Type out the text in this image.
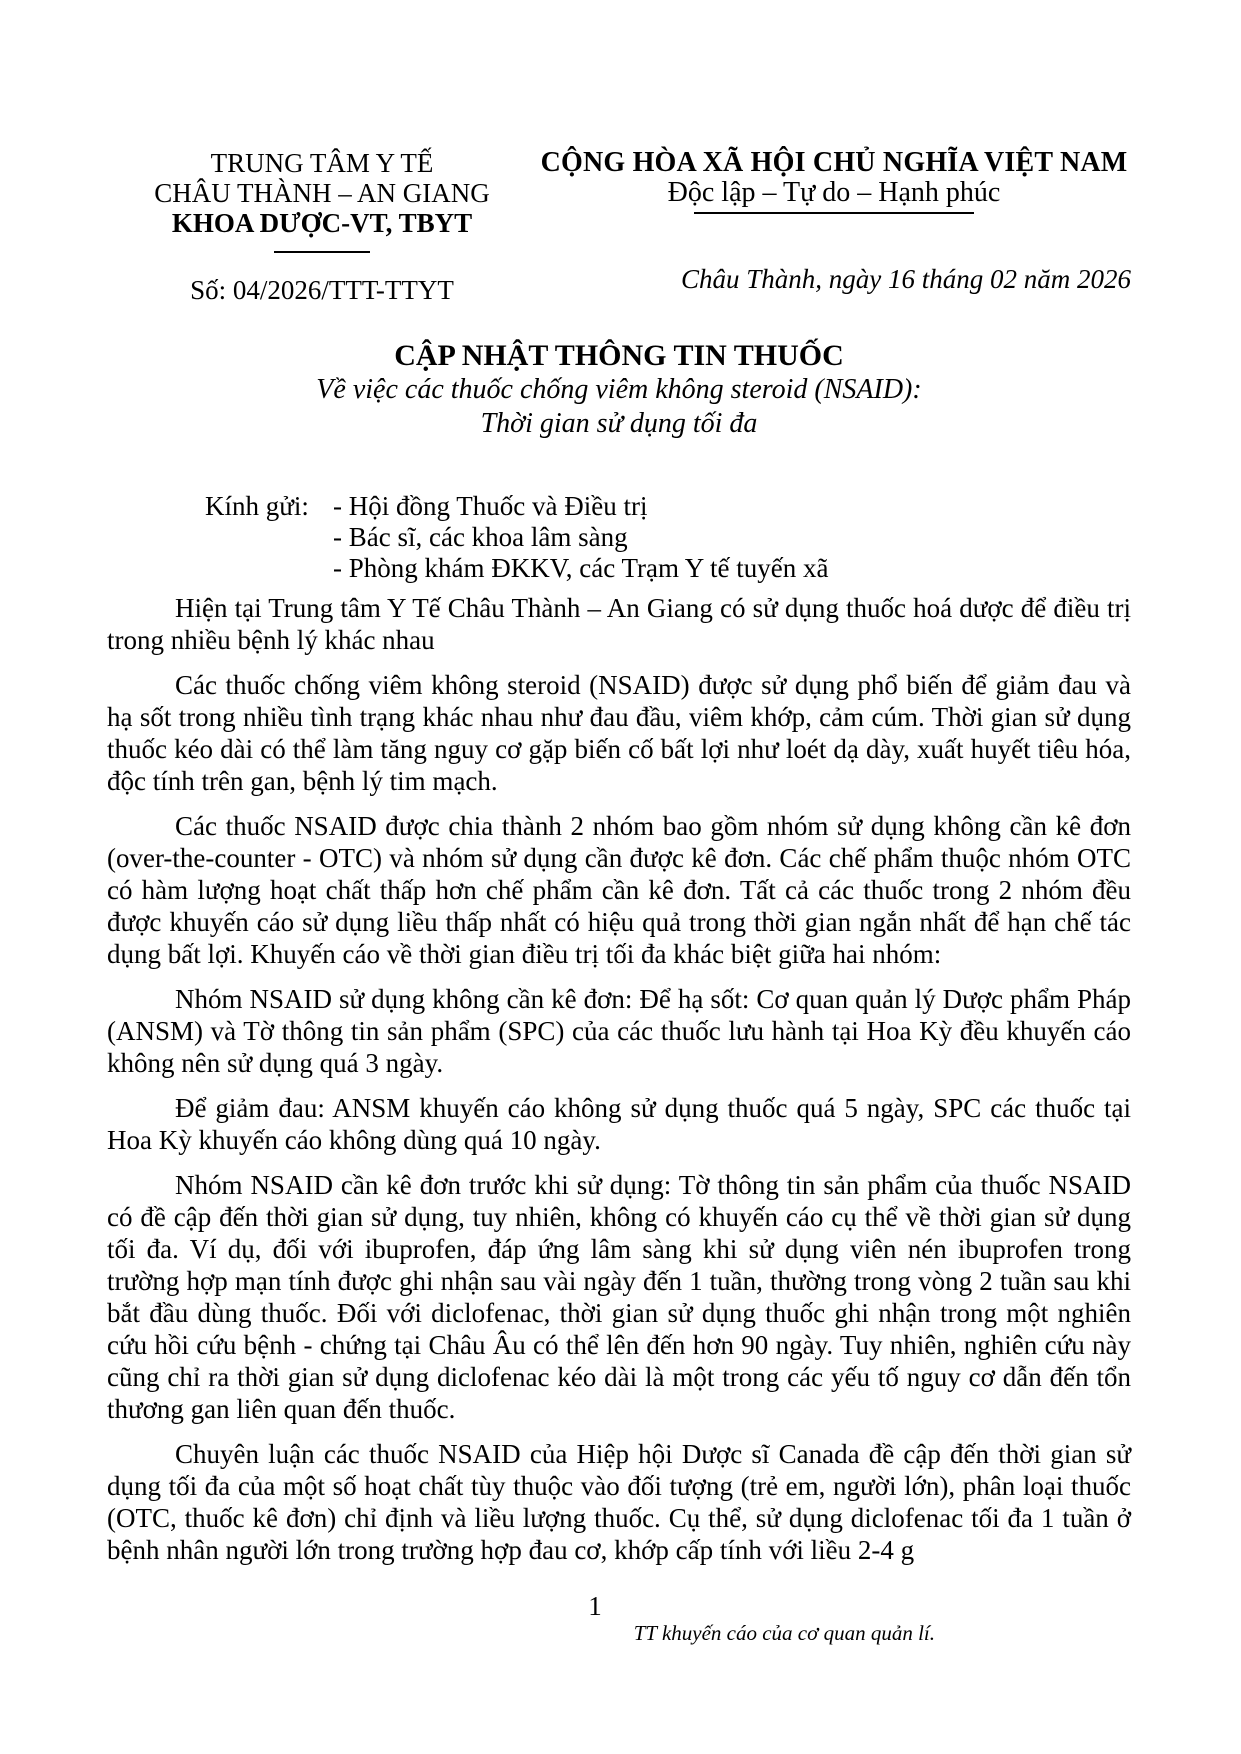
TRUNG TÂM Y TẾ
CHÂU THÀNH – AN GIANG
KHOA DƯỢC-VT, TBYT
Số: 04/2026/TTT-TTYT
CỘNG HÒA XÃ HỘI CHỦ NGHĨA VIỆT NAM
Độc lập – Tự do – Hạnh phúc
Châu Thành, ngày 16 tháng 02 năm 2026
CẬP NHẬT THÔNG TIN THUỐC
Về việc các thuốc chống viêm không steroid (NSAID):
Thời gian sử dụng tối đa
Kính gửi: - Hội đồng Thuốc và Điều trị
- Bác sĩ, các khoa lâm sàng
- Phòng khám ĐKKV, các Trạm Y tế tuyến xã

Hiện tại Trung tâm Y Tế Châu Thành – An Giang có sử dụng thuốc hoá dược để điều trị trong nhiều bệnh lý khác nhau

Các thuốc chống viêm không steroid (NSAID) được sử dụng phổ biến để giảm đau và hạ sốt trong nhiều tình trạng khác nhau như đau đầu, viêm khớp, cảm cúm. Thời gian sử dụng thuốc kéo dài có thể làm tăng nguy cơ gặp biến cố bất lợi như loét dạ dày, xuất huyết tiêu hóa, độc tính trên gan, bệnh lý tim mạch.

Các thuốc NSAID được chia thành 2 nhóm bao gồm nhóm sử dụng không cần kê đơn (over-the-counter - OTC) và nhóm sử dụng cần được kê đơn. Các chế phẩm thuộc nhóm OTC có hàm lượng hoạt chất thấp hơn chế phẩm cần kê đơn. Tất cả các thuốc trong 2 nhóm đều được khuyến cáo sử dụng liều thấp nhất có hiệu quả trong thời gian ngắn nhất để hạn chế tác dụng bất lợi. Khuyến cáo về thời gian điều trị tối đa khác biệt giữa hai nhóm:

Nhóm NSAID sử dụng không cần kê đơn: Để hạ sốt: Cơ quan quản lý Dược phẩm Pháp (ANSM) và Tờ thông tin sản phẩm (SPC) của các thuốc lưu hành tại Hoa Kỳ đều khuyến cáo không nên sử dụng quá 3 ngày.

Để giảm đau: ANSM khuyến cáo không sử dụng thuốc quá 5 ngày, SPC các thuốc tại Hoa Kỳ khuyến cáo không dùng quá 10 ngày.

Nhóm NSAID cần kê đơn trước khi sử dụng: Tờ thông tin sản phẩm của thuốc NSAID có đề cập đến thời gian sử dụng, tuy nhiên, không có khuyến cáo cụ thể về thời gian sử dụng tối đa. Ví dụ, đối với ibuprofen, đáp ứng lâm sàng khi sử dụng viên nén ibuprofen trong trường hợp mạn tính được ghi nhận sau vài ngày đến 1 tuần, thường trong vòng 2 tuần sau khi bắt đầu dùng thuốc. Đối với diclofenac, thời gian sử dụng thuốc ghi nhận trong một nghiên cứu hồi cứu bệnh - chứng tại Châu Âu có thể lên đến hơn 90 ngày. Tuy nhiên, nghiên cứu này cũng chỉ ra thời gian sử dụng diclofenac kéo dài là một trong các yếu tố nguy cơ dẫn đến tổn thương gan liên quan đến thuốc.

Chuyên luận các thuốc NSAID của Hiệp hội Dược sĩ Canada đề cập đến thời gian sử dụng tối đa của một số hoạt chất tùy thuộc vào đối tượng (trẻ em, người lớn), phân loại thuốc (OTC, thuốc kê đơn) chỉ định và liều lượng thuốc. Cụ thể, sử dụng diclofenac tối đa 1 tuần ở bệnh nhân người lớn trong trường hợp đau cơ, khớp cấp tính với liều 2-4 g

1
TT khuyến cáo của cơ quan quản lí.
